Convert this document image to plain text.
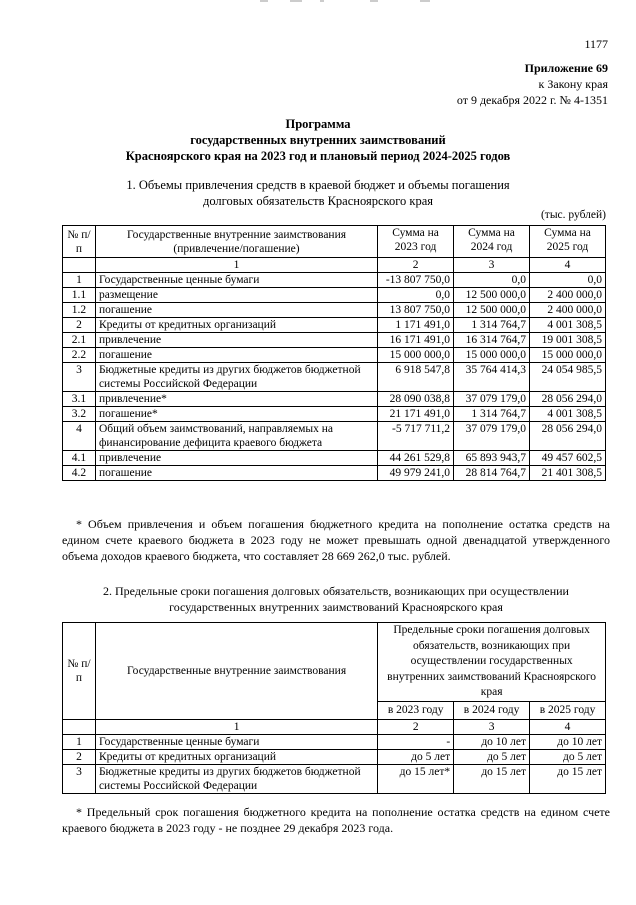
1177
Приложение 69
к Закону края
от 9 декабря 2022 г. № 4-1351
Программа
государственных внутренних заимствований
Красноярского края на 2023 год и плановый период 2024-2025 годов
1. Объемы привлечения средств в краевой бюджет и объемы погашения
долговых обязательств Красноярского края
(тыс. рублей)
№ п/п	Государственные внутренние заимствования (привлечение/погашение)	Сумма на 2023 год	Сумма на 2024 год	Сумма на 2025 год
	1	2	3	4
1	Государственные ценные бумаги	-13 807 750,0	0,0	0,0
1.1	размещение	0,0	12 500 000,0	2 400 000,0
1.2	погашение	13 807 750,0	12 500 000,0	2 400 000,0
2	Кредиты от кредитных организаций	1 171 491,0	1 314 764,7	4 001 308,5
2.1	привлечение	16 171 491,0	16 314 764,7	19 001 308,5
2.2	погашение	15 000 000,0	15 000 000,0	15 000 000,0
3	Бюджетные кредиты из других бюджетов бюджетной системы Российской Федерации	6 918 547,8	35 764 414,3	24 054 985,5
3.1	привлечение*	28 090 038,8	37 079 179,0	28 056 294,0
3.2	погашение*	21 171 491,0	1 314 764,7	4 001 308,5
4	Общий объем заимствований, направляемых на финансирование дефицита краевого бюджета	-5 717 711,2	37 079 179,0	28 056 294,0
4.1	привлечение	44 261 529,8	65 893 943,7	49 457 602,5
4.2	погашение	49 979 241,0	28 814 764,7	21 401 308,5
* Объем привлечения и объем погашения бюджетного кредита на пополнение остатка средств на едином счете краевого бюджета в 2023 году не может превышать одной двенадцатой утвержденного объема доходов краевого бюджета, что составляет 28 669 262,0 тыс. рублей.
2. Предельные сроки погашения долговых обязательств, возникающих при осуществлении государственных внутренних заимствований Красноярского края
№ п/п	Государственные внутренние заимствования	Предельные сроки погашения долговых обязательств, возникающих при осуществлении государственных внутренних заимствований Красноярского края		
		в 2023 году	в 2024 году	в 2025 году
	1	2	3	4
1	Государственные ценные бумаги	-	до 10 лет	до 10 лет
2	Кредиты от кредитных организаций	до 5 лет	до 5 лет	до 5 лет
3	Бюджетные кредиты из других бюджетов бюджетной системы Российской Федерации	до 15 лет*	до 15 лет	до 15 лет
* Предельный срок погашения бюджетного кредита на пополнение остатка средств на едином счете краевого бюджета в 2023 году - не позднее 29 декабря 2023 года.
